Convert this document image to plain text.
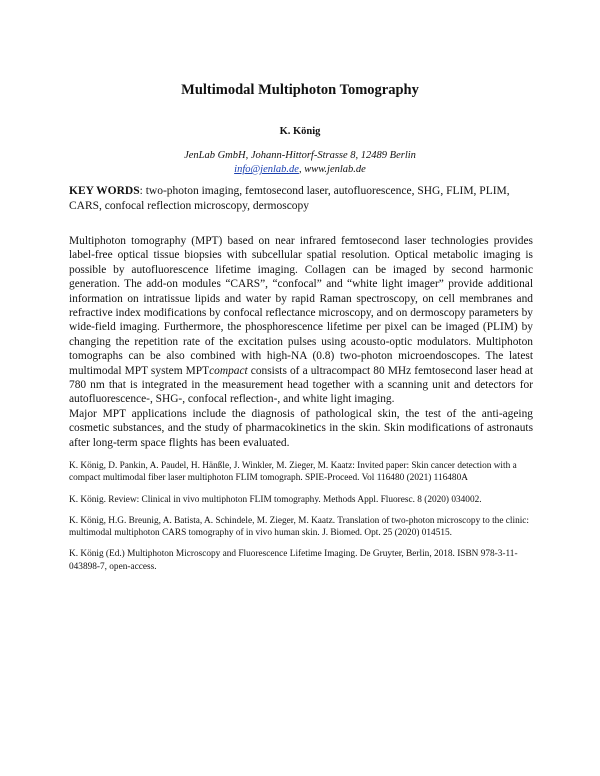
Multimodal Multiphoton Tomography
K. König
JenLab GmbH, Johann-Hittorf-Strasse 8, 12489 Berlin
info@jenlab.de, www.jenlab.de
KEY WORDS: two-photon imaging, femtosecond laser, autofluorescence, SHG, FLIM, PLIM, CARS, confocal reflection microscopy, dermoscopy

Multiphoton tomography (MPT) based on near infrared femtosecond laser technologies provides label-free optical tissue biopsies with subcellular spatial resolution. Optical metabolic imaging is possible by autofluorescence lifetime imaging. Collagen can be imaged by second harmonic generation. The add-on modules “CARS”, “confocal” and “white light imager” provide additional information on intratissue lipids and water by rapid Raman spectroscopy, on cell membranes and refractive index modifications by confocal reflectance microscopy, and on dermoscopy parameters by wide-field imaging. Furthermore, the phosphorescence lifetime per pixel can be imaged (PLIM) by changing the repetition rate of the excitation pulses using acousto-optic modulators. Multiphoton tomographs can be also combined with high-NA (0.8) two-photon microendoscopes. The latest multimodal MPT system MPTcompact consists of a ultracompact 80 MHz femtosecond laser head at 780 nm that is integrated in the measurement head together with a scanning unit and detectors for autofluorescence-, SHG-, confocal reflection-, and white light imaging.

Major MPT applications include the diagnosis of pathological skin, the test of the anti-ageing cosmetic substances, and the study of pharmacokinetics in the skin. Skin modifications of astronauts after long-term space flights has been evaluated.

K. König, D. Pankin, A. Paudel, H. Hänßle, J. Winkler, M. Zieger, M. Kaatz: Invited paper: Skin cancer detection with a compact multimodal fiber laser multiphoton FLIM tomograph. SPIE-Proceed. Vol 116480 (2021) 116480A

K. König. Review: Clinical in vivo multiphoton FLIM tomography. Methods Appl. Fluoresc. 8 (2020) 034002.

K. König, H.G. Breunig, A. Batista, A. Schindele, M. Zieger, M. Kaatz. Translation of two-photon microscopy to the clinic: multimodal multiphoton CARS tomography of in vivo human skin. J. Biomed. Opt. 25 (2020) 014515.

K. König (Ed.) Multiphoton Microscopy and Fluorescence Lifetime Imaging. De Gruyter, Berlin, 2018. ISBN 978-3-11-043898-7, open-access.
